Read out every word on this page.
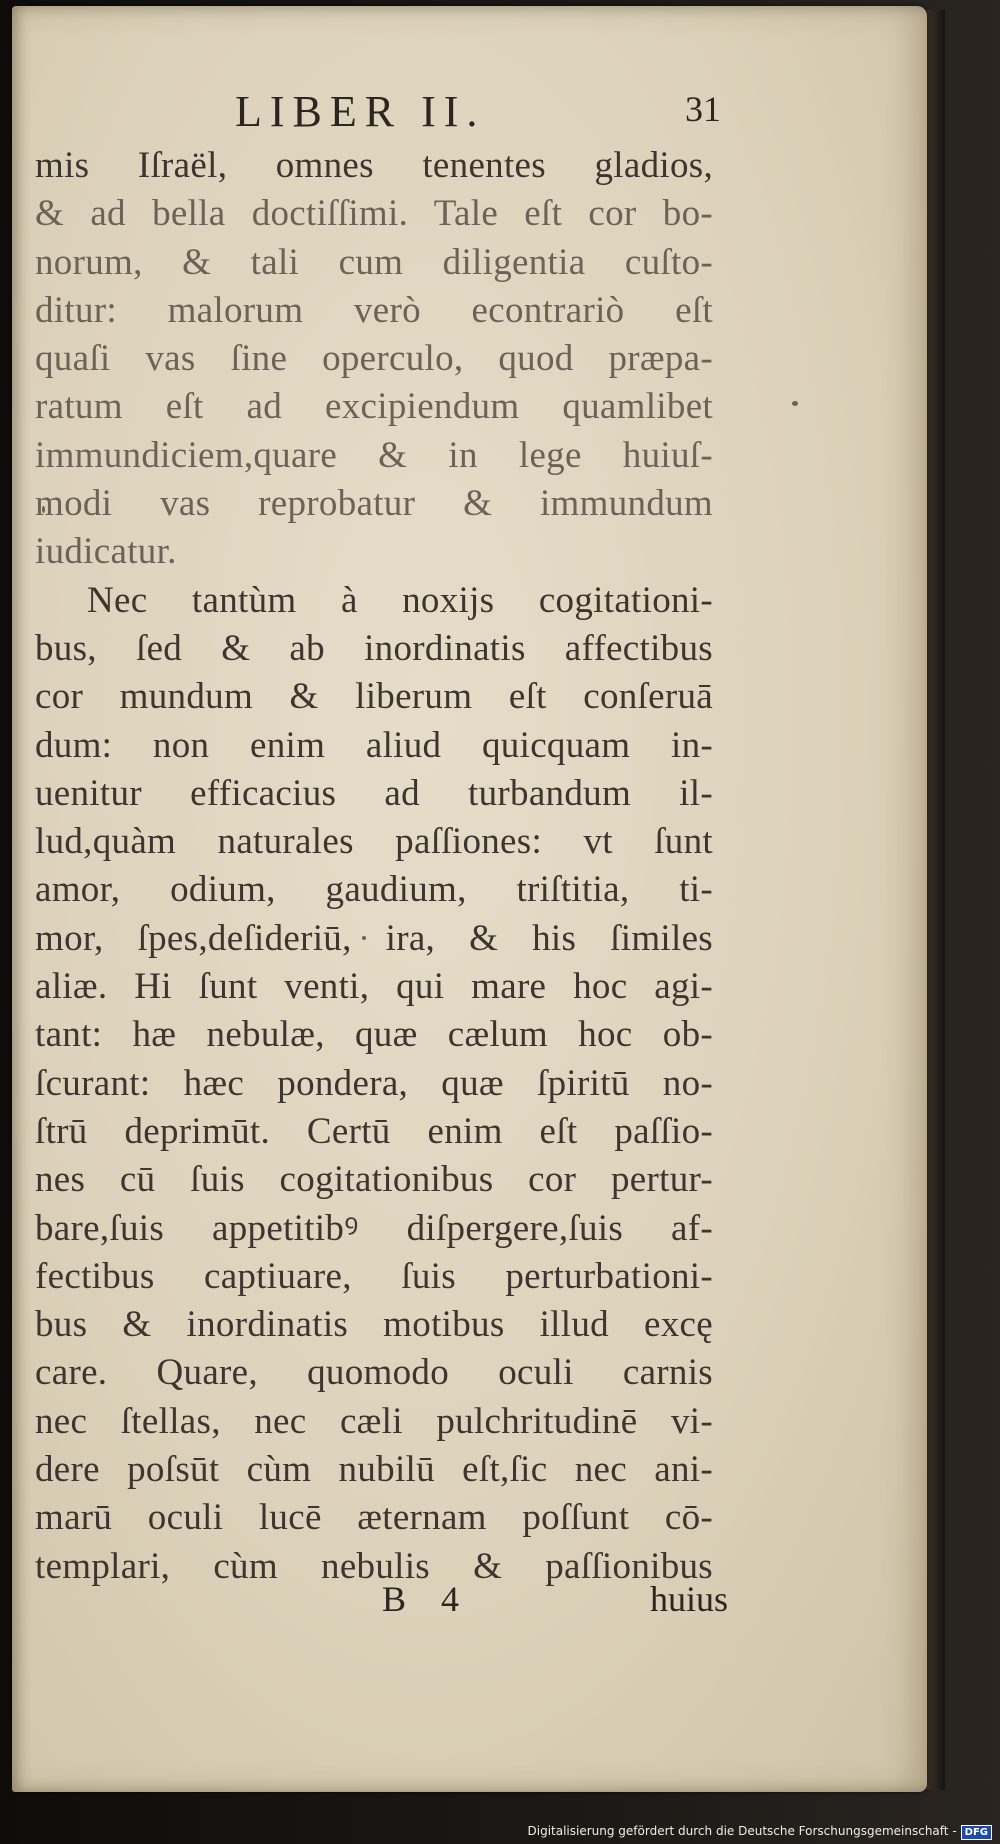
LIBER II.	31
mis Iſraël, omnes tenentes gladios,
& ad bella doctiſſimi. Tale eſt cor bo-
norum, & tali cum diligentia cuſto-
ditur: malorum verò econtrariò eſt
quaſi vas ſine operculo, quod præpa-
ratum eſt ad excipiendum quamlibet
immundiciem,quare & in lege huiuſ-
modi vas reprobatur & immundum
iudicatur.
Nec tantùm à noxijs cogitationi-
bus, ſed & ab inordinatis affectibus
cor mundum & liberum eſt conſeruā
dum: non enim aliud quicquam in-
uenitur efficacius ad turbandum il-
lud,quàm naturales paſſiones: vt ſunt
amor, odium, gaudium, triſtitia, ti-
mor, ſpes,deſideriū, ira, & his ſimiles
aliæ. Hi ſunt venti, qui mare hoc agi-
tant: hæ nebulæ, quæ cælum hoc ob-
ſcurant: hæc pondera, quæ ſpiritū no-
ſtrū deprimūt. Certū enim eſt paſſio-
nes cū ſuis cogitationibus cor pertur-
bare,ſuis appetitibꝰ diſpergere,ſuis af-
fectibus captiuare, ſuis perturbationi-
bus & inordinatis motibus illud excę
care. Quare, quomodo oculi carnis
nec ſtellas, nec cæli pulchritudinē vi-
dere poſsūt cùm nubilū eſt,ſic nec ani-
marū oculi lucē æternam poſſunt cō-
templari, cùm nebulis & paſſionibus
B 4	huius
Digitalisierung gefördert durch die Deutsche Forschungsgemeinschaft - DFG
